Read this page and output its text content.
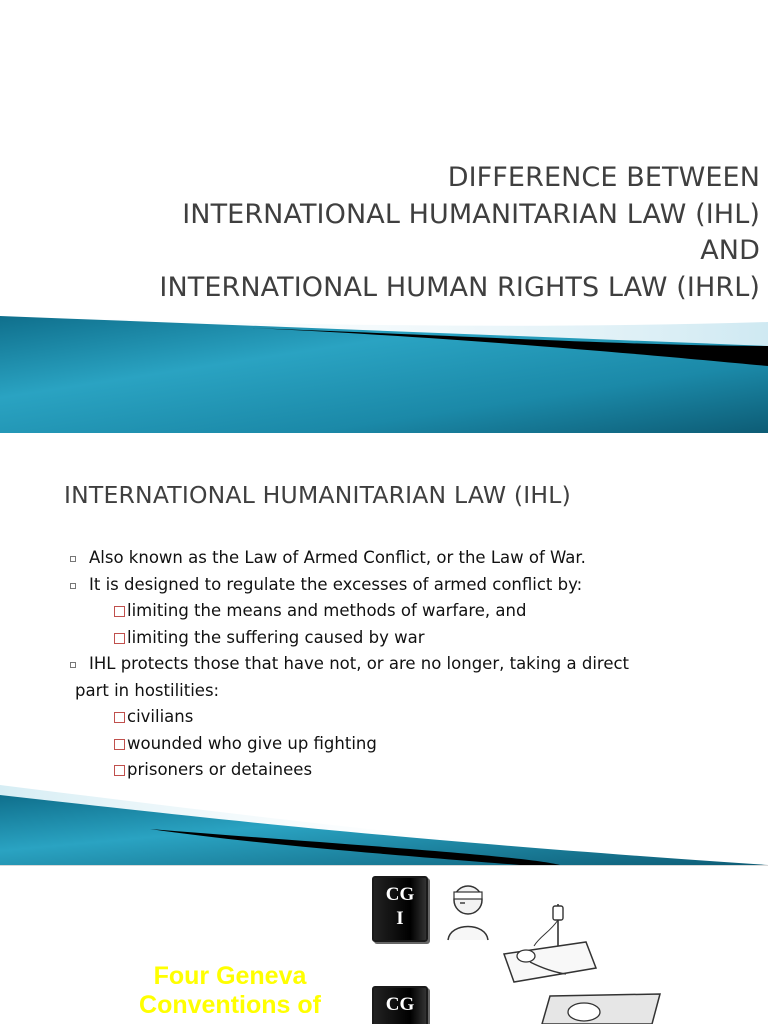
DIFFERENCE BETWEEN
INTERNATIONAL HUMANITARIAN LAW (IHL)
AND
INTERNATIONAL HUMAN RIGHTS LAW (IHRL)
INTERNATIONAL HUMANITARIAN LAW (IHL)
Also known as the Law of Armed Conflict, or the Law of War.
It is designed to regulate the excesses of armed conflict by:
limiting the means and methods of warfare, and
limiting the suffering caused by war
IHL protects those that have not, or are no longer, taking a direct
part in hostilities:
civilians
wounded who give up fighting
prisoners or detainees
Four Geneva
Conventions of
CG
I
CG
